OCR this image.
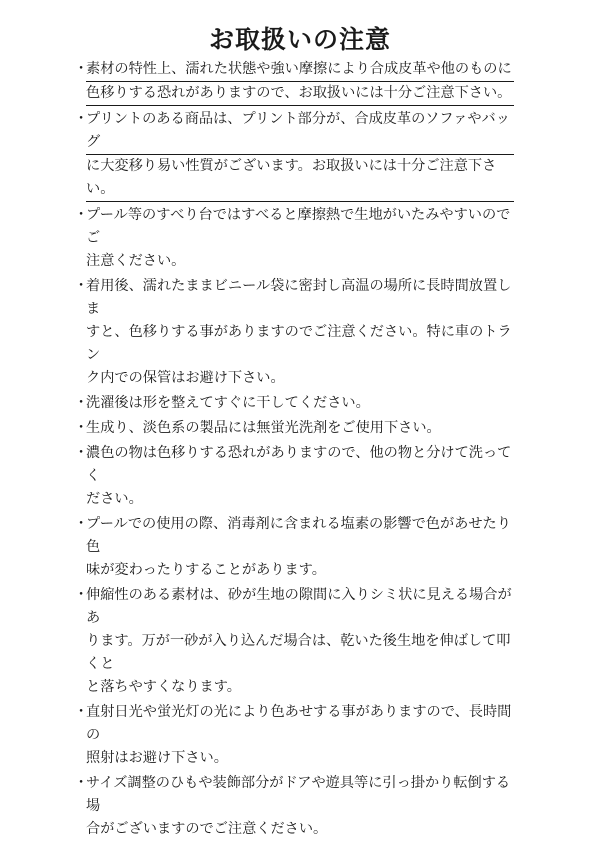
お取扱いの注意
・
素材の特性上、濡れた状態や強い摩擦により合成皮革や他のものに
色移りする恐れがありますので、お取扱いには十分ご注意下さい。
・
プリントのある商品は、プリント部分が、合成皮革のソファやバッグ
に大変移り易い性質がございます。お取扱いには十分ご注意下さい。
・
プール等のすべり台ではすべると摩擦熱で生地がいたみやすいのでご
注意ください。
・
着用後、濡れたままビニール袋に密封し高温の場所に長時間放置しま
すと、色移りする事がありますのでご注意ください。特に車のトラン
ク内での保管はお避け下さい。
・
洗濯後は形を整えてすぐに干してください。
・
生成り、淡色系の製品には無蛍光洗剤をご使用下さい。
・
濃色の物は色移りする恐れがありますので、他の物と分けて洗ってく
ださい。
・
プールでの使用の際、消毒剤に含まれる塩素の影響で色があせたり色
味が変わったりすることがあります。
・
伸縮性のある素材は、砂が生地の隙間に入りシミ状に見える場合があ
ります。万が一砂が入り込んだ場合は、乾いた後生地を伸ばして叩くと
と落ちやすくなります。
・
直射日光や蛍光灯の光により色あせする事がありますので、長時間の
照射はお避け下さい。
・
サイズ調整のひもや装飾部分がドアや遊具等に引っ掛かり転倒する場
合がございますのでご注意ください。
